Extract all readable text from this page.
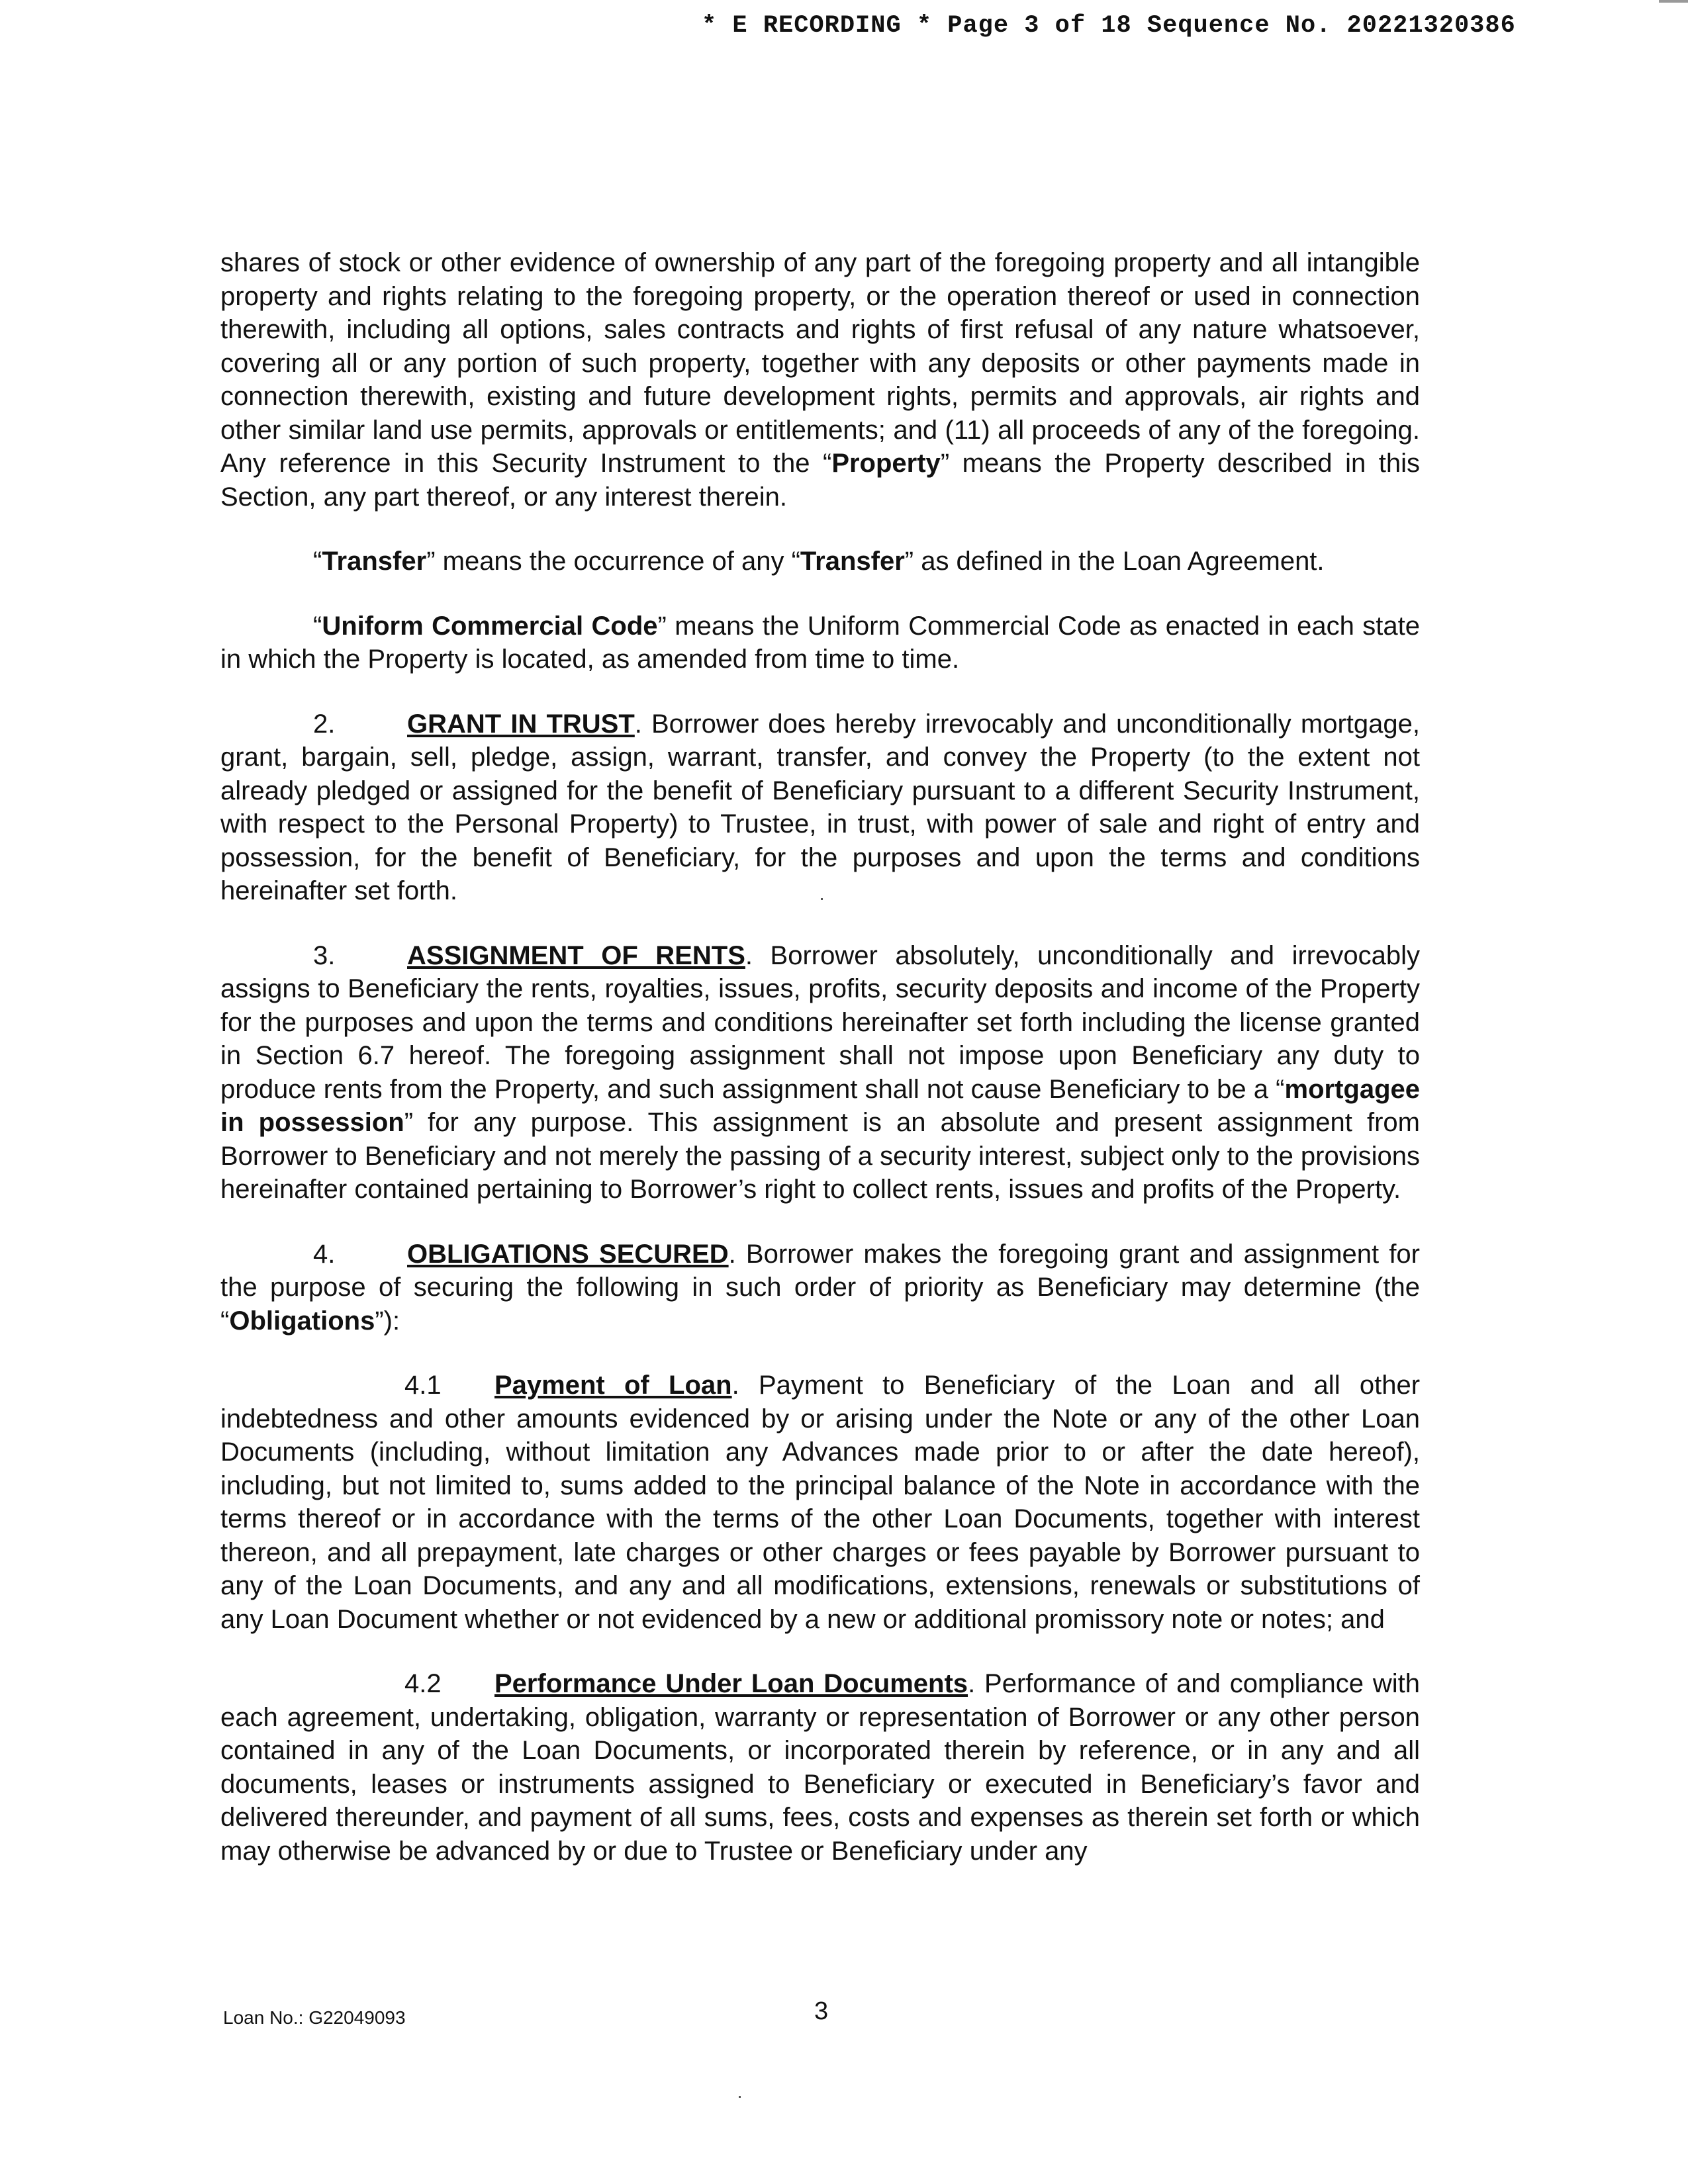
* E RECORDING * Page 3 of 18 Sequence No. 20221320386

shares of stock or other evidence of ownership of any part of the foregoing property and all intangible property and rights relating to the foregoing property, or the operation thereof or used in connection therewith, including all options, sales contracts and rights of first refusal of any nature whatsoever, covering all or any portion of such property, together with any deposits or other payments made in connection therewith, existing and future development rights, permits and approvals, air rights and other similar land use permits, approvals or entitlements; and (11) all proceeds of any of the foregoing. Any reference in this Security Instrument to the “Property” means the Property described in this Section, any part thereof, or any interest therein.

“Transfer” means the occurrence of any “Transfer” as defined in the Loan Agreement.

“Uniform Commercial Code” means the Uniform Commercial Code as enacted in each state in which the Property is located, as amended from time to time.

2.	GRANT IN TRUST. Borrower does hereby irrevocably and unconditionally mortgage, grant, bargain, sell, pledge, assign, warrant, transfer, and convey the Property (to the extent not already pledged or assigned for the benefit of Beneficiary pursuant to a different Security Instrument, with respect to the Personal Property) to Trustee, in trust, with power of sale and right of entry and possession, for the benefit of Beneficiary, for the purposes and upon the terms and conditions hereinafter set forth.

3.	ASSIGNMENT OF RENTS. Borrower absolutely, unconditionally and irrevocably assigns to Beneficiary the rents, royalties, issues, profits, security deposits and income of the Property for the purposes and upon the terms and conditions hereinafter set forth including the license granted in Section 6.7 hereof. The foregoing assignment shall not impose upon Beneficiary any duty to produce rents from the Property, and such assignment shall not cause Beneficiary to be a “mortgagee in possession” for any purpose. This assignment is an absolute and present assignment from Borrower to Beneficiary and not merely the passing of a security interest, subject only to the provisions hereinafter contained pertaining to Borrower’s right to collect rents, issues and profits of the Property.

4.	OBLIGATIONS SECURED. Borrower makes the foregoing grant and assignment for the purpose of securing the following in such order of priority as Beneficiary may determine (the “Obligations”):

4.1 Payment of Loan. Payment to Beneficiary of the Loan and all other indebtedness and other amounts evidenced by or arising under the Note or any of the other Loan Documents (including, without limitation any Advances made prior to or after the date hereof), including, but not limited to, sums added to the principal balance of the Note in accordance with the terms thereof or in accordance with the terms of the other Loan Documents, together with interest thereon, and all prepayment, late charges or other charges or fees payable by Borrower pursuant to any of the Loan Documents, and any and all modifications, extensions, renewals or substitutions of any Loan Document whether or not evidenced by a new or additional promissory note or notes; and

4.2 Performance Under Loan Documents. Performance of and compliance with each agreement, undertaking, obligation, warranty or representation of Borrower or any other person contained in any of the Loan Documents, or incorporated therein by reference, or in any and all documents, leases or instruments assigned to Beneficiary or executed in Beneficiary’s favor and delivered thereunder, and payment of all sums, fees, costs and expenses as therein set forth or which may otherwise be advanced by or due to Trustee or Beneficiary under any

Loan No.: G22049093	3
